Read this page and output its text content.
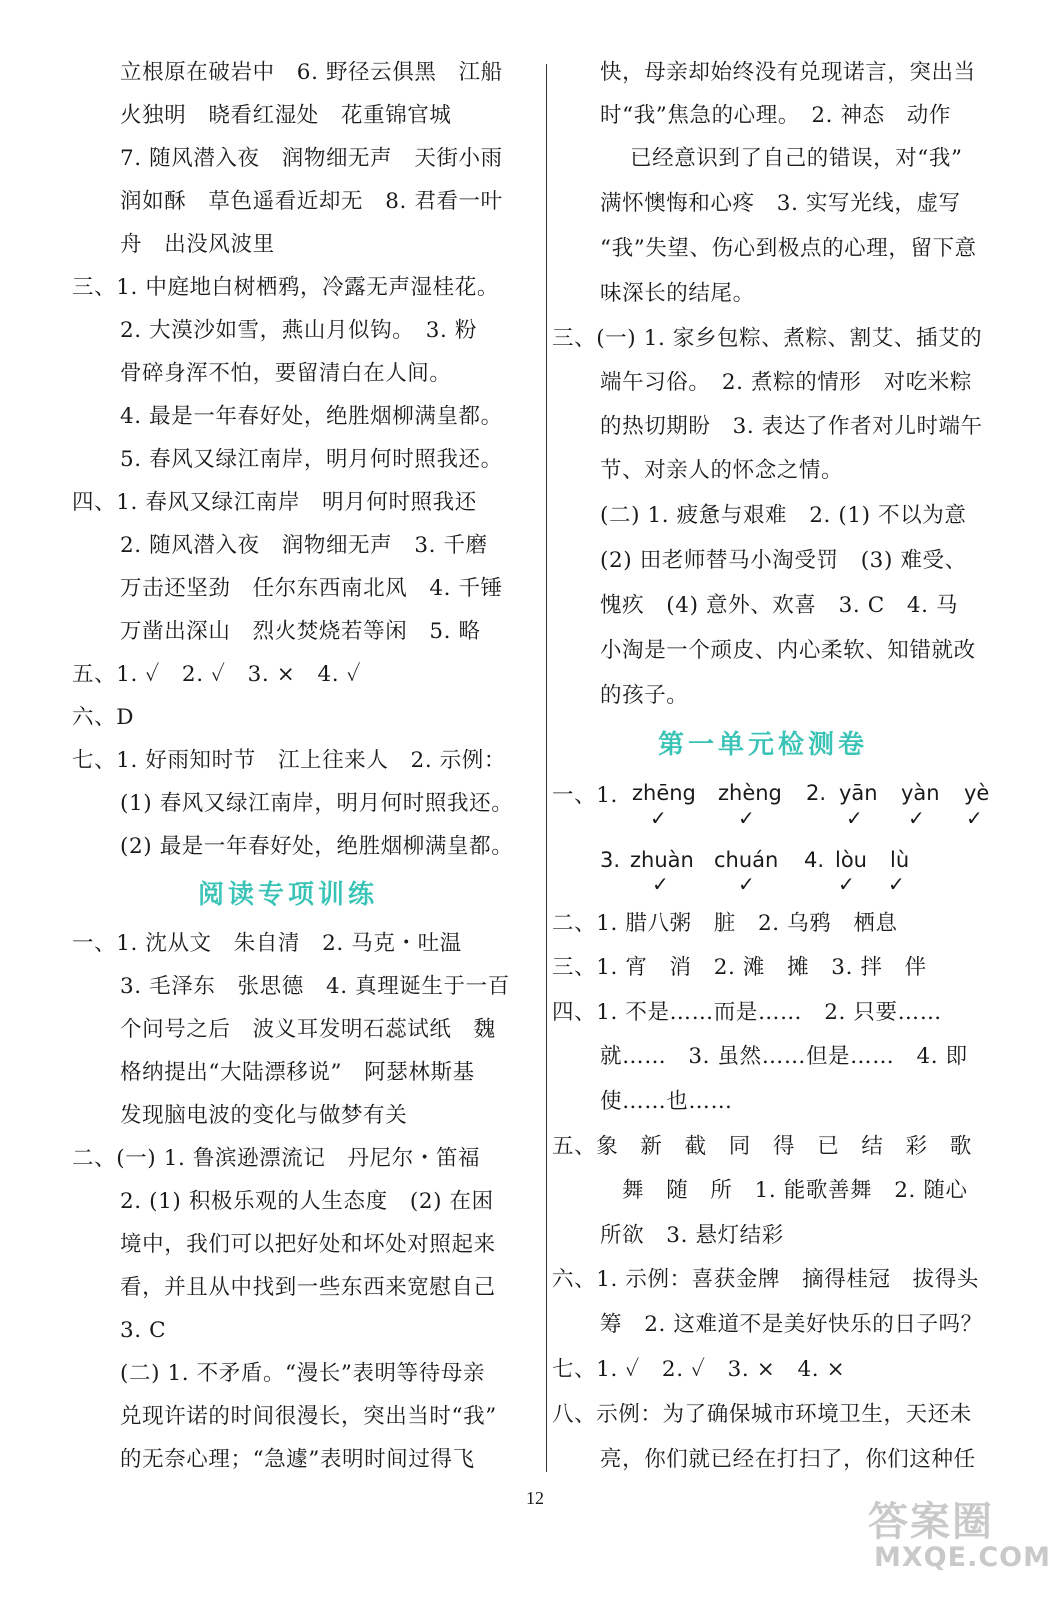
立根原在破岩中　6. 野径云俱黑　江船
火独明　晓看红湿处　花重锦官城
7. 随风潜入夜　润物细无声　天街小雨
润如酥　草色遥看近却无　8. 君看一叶
舟　出没风波里
三、1. 中庭地白树栖鸦，冷露无声湿桂花。
2. 大漠沙如雪，燕山月似钩。　3. 粉
骨碎身浑不怕，要留清白在人间。
4. 最是一年春好处，绝胜烟柳满皇都。
5. 春风又绿江南岸，明月何时照我还。
四、1. 春风又绿江南岸　明月何时照我还
2. 随风潜入夜　润物细无声　3. 千磨
万击还坚劲　任尔东西南北风　4. 千锤
万凿出深山　烈火焚烧若等闲　5. 略
五、1. ✓　2. ✓　3. ×　4. ✓
六、D
七、1. 好雨知时节　江上往来人　2. 示例：
(1) 春风又绿江南岸，明月何时照我还。
(2) 最是一年春好处，绝胜烟柳满皇都。
阅读专项训练
一、1. 沈从文　朱自清　2. 马克・吐温
3. 毛泽东　张思德　4. 真理诞生于一百
个问号之后　波义耳发明石蕊试纸　魏
格纳提出“大陆漂移说”　阿瑟林斯基
发现脑电波的变化与做梦有关
二、(一) 1. 鲁滨逊漂流记　丹尼尔・笛福
2. (1) 积极乐观的人生态度　(2) 在困
境中，我们可以把好处和坏处对照起来
看，并且从中找到一些东西来宽慰自己
3. C
(二) 1. 不矛盾。“漫长”表明等待母亲
兑现许诺的时间很漫长，突出当时“我”
的无奈心理；“急遽”表明时间过得飞
快，母亲却始终没有兑现诺言，突出当
时“我”焦急的心理。　2. 神态　动作
已经意识到了自己的错误，对“我”
满怀懊悔和心疼　3. 实写光线，虚写
“我”失望、伤心到极点的心理，留下意
味深长的结尾。
三、(一) 1. 家乡包粽、煮粽、割艾、插艾的
端午习俗。　2. 煮粽的情形　对吃米粽
的热切期盼　3. 表达了作者对儿时端午
节、对亲人的怀念之情。
(二) 1. 疲惫与艰难　2. (1) 不以为意
(2) 田老师替马小淘受罚　(3) 难受、
愧疚　(4) 意外、欢喜　3. C　4. 马
小淘是一个顽皮、内心柔软、知错就改
的孩子。
第一单元检测卷
一、1. zhēng zhèng 2. yān yàn yè
✓	✓	✓ ✓ ✓
3. zhuàn chuán 4. lòu lù
✓	✓	✓ ✓
二、1. 腊八粥　脏　2. 乌鸦　栖息
三、1. 宵　消　2. 滩　摊　3. 拌　伴
四、1. 不是……而是……　2. 只要……
就……　3. 虽然……但是……　4. 即
使……也……
五、象　新　截　同　得　已　结　彩　歌
舞　随　所　1. 能歌善舞　2. 随心
所欲　3. 悬灯结彩
六、1. 示例：喜获金牌　摘得桂冠　拔得头
筹　2. 这难道不是美好快乐的日子吗？
七、1. ✓　2. ✓　3. ×　4. ×
八、示例：为了确保城市环境卫生，天还未
亮，你们就已经在打扫了，你们这种任
12
答案圈
MXQE.COM
